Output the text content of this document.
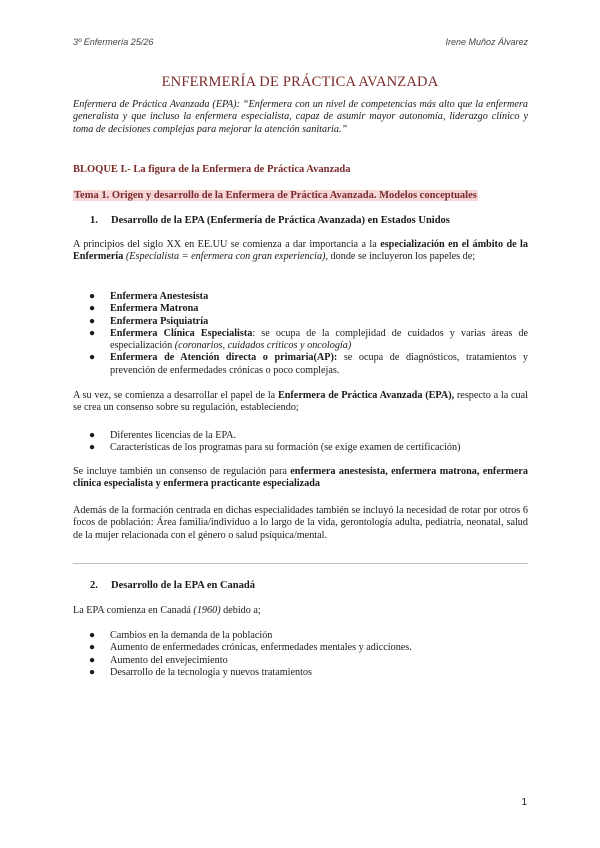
3º Enfermería 25/26	Irene Muñoz Álvarez
ENFERMERÍA DE PRÁCTICA AVANZADA
Enfermera de Práctica Avanzada (EPA): “Enfermera con un nivel de competencias más alto que la enfermera generalista y que incluso la enfermera especialista, capaz de asumir mayor autonomía, liderazgo clínico y toma de decisiones complejas para mejorar la atención sanitaria.”
BLOQUE I.- La figura de la Enfermera de Práctica Avanzada
Tema 1. Origen y desarrollo de la Enfermera de Práctica Avanzada. Modelos conceptuales
1. Desarrollo de la EPA (Enfermería de Práctica Avanzada) en Estados Unidos
A principios del siglo XX en EE.UU se comienza a dar importancia a la especialización en el ámbito de la Enfermería (Especialista = enfermera con gran experiencia), donde se incluyeron los papeles de;
● Enfermera Anestesista
● Enfermera Matrona
● Enfermera Psiquiatría
● Enfermera Clínica Especialista: se ocupa de la complejidad de cuidados y varias áreas de especialización (coronarios, cuidados críticos y oncología)
● Enfermera de Atención directa o primaria(AP): se ocupa de diagnósticos, tratamientos y prevención de enfermedades crónicas o poco complejas.
A su vez, se comienza a desarrollar el papel de la Enfermera de Práctica Avanzada (EPA), respecto a la cual se crea un consenso sobre su regulación, estableciendo;
● Diferentes licencias de la EPA.
● Características de los programas para su formación (se exige examen de certificación)
Se incluye también un consenso de regulación para enfermera anestesista, enfermera matrona, enfermera clínica especialista y enfermera practicante especializada
Además de la formación centrada en dichas especialidades también se incluyó la necesidad de rotar por otros 6 focos de población: Área familia/individuo a lo largo de la vida, gerontología adulta, pediatría, neonatal, salud de la mujer relacionada con el género o salud psíquica/mental.
2. Desarrollo de la EPA en Canadá
La EPA comienza en Canadá (1960) debido a;
● Cambios en la demanda de la población
● Aumento de enfermedades crónicas, enfermedades mentales y adicciones.
● Aumento del envejecimiento
● Desarrollo de la tecnología y nuevos tratamientos
1
